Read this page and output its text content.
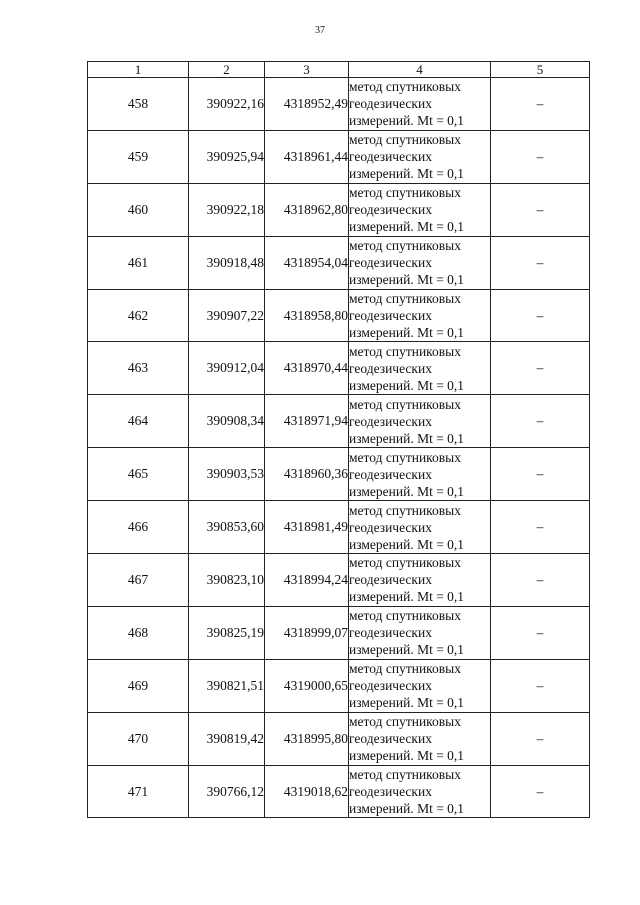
37
1	2	3	4	5
458	390922,16	4318952,49	метод спутниковых
геодезических
измерений. Mt = 0,1	–
459	390925,94	4318961,44	метод спутниковых
геодезических
измерений. Mt = 0,1	–
460	390922,18	4318962,80	метод спутниковых
геодезических
измерений. Mt = 0,1	–
461	390918,48	4318954,04	метод спутниковых
геодезических
измерений. Mt = 0,1	–
462	390907,22	4318958,80	метод спутниковых
геодезических
измерений. Mt = 0,1	–
463	390912,04	4318970,44	метод спутниковых
геодезических
измерений. Mt = 0,1	–
464	390908,34	4318971,94	метод спутниковых
геодезических
измерений. Mt = 0,1	–
465	390903,53	4318960,36	метод спутниковых
геодезических
измерений. Mt = 0,1	–
466	390853,60	4318981,49	метод спутниковых
геодезических
измерений. Mt = 0,1	–
467	390823,10	4318994,24	метод спутниковых
геодезических
измерений. Mt = 0,1	–
468	390825,19	4318999,07	метод спутниковых
геодезических
измерений. Mt = 0,1	–
469	390821,51	4319000,65	метод спутниковых
геодезических
измерений. Mt = 0,1	–
470	390819,42	4318995,80	метод спутниковых
геодезических
измерений. Mt = 0,1	–
471	390766,12	4319018,62	метод спутниковых
геодезических
измерений. Mt = 0,1	–
